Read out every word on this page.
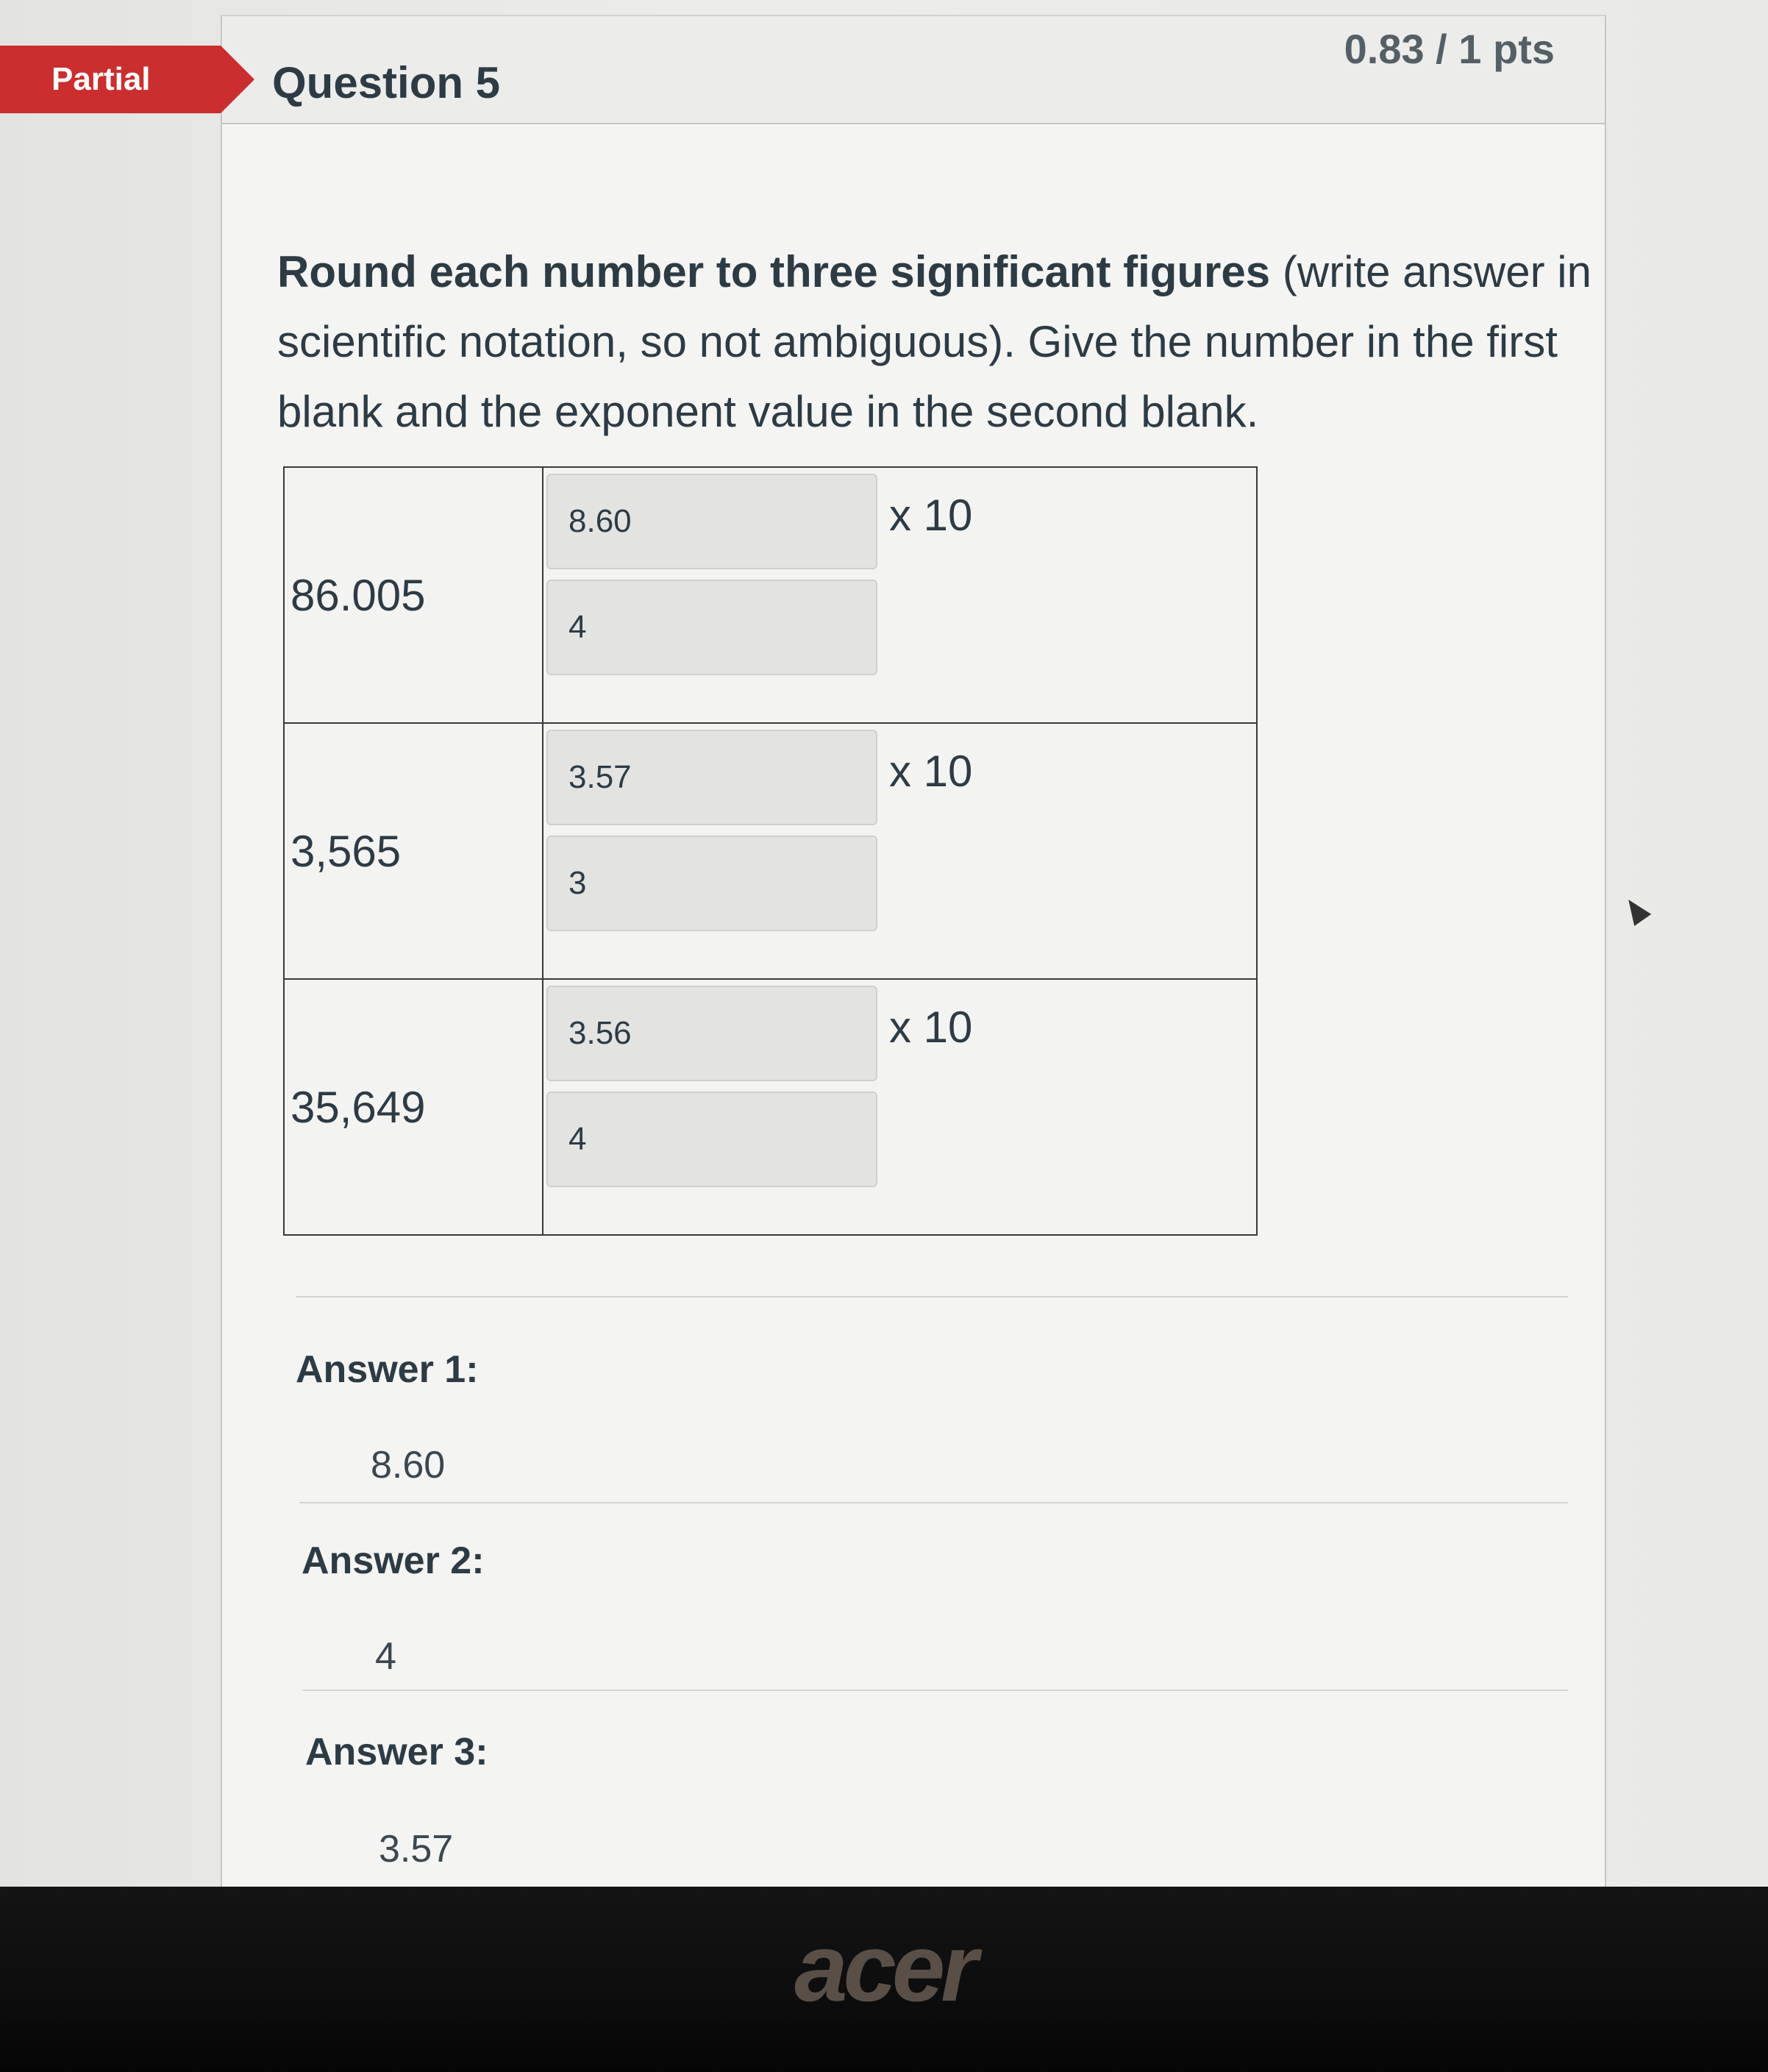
Question 5
0.83 / 1 pts

Round each number to three significant figures (write answer in scientific notation, so not ambiguous). Give the number in the first blank and the exponent value in the second blank.

86.005	8.60 x 10
4

3,565	3.57 x 10
3

35,649	3.56 x 10
4
Answer 1:
8.60
Answer 2:
4
Answer 3:
3.57
Partial
acer
